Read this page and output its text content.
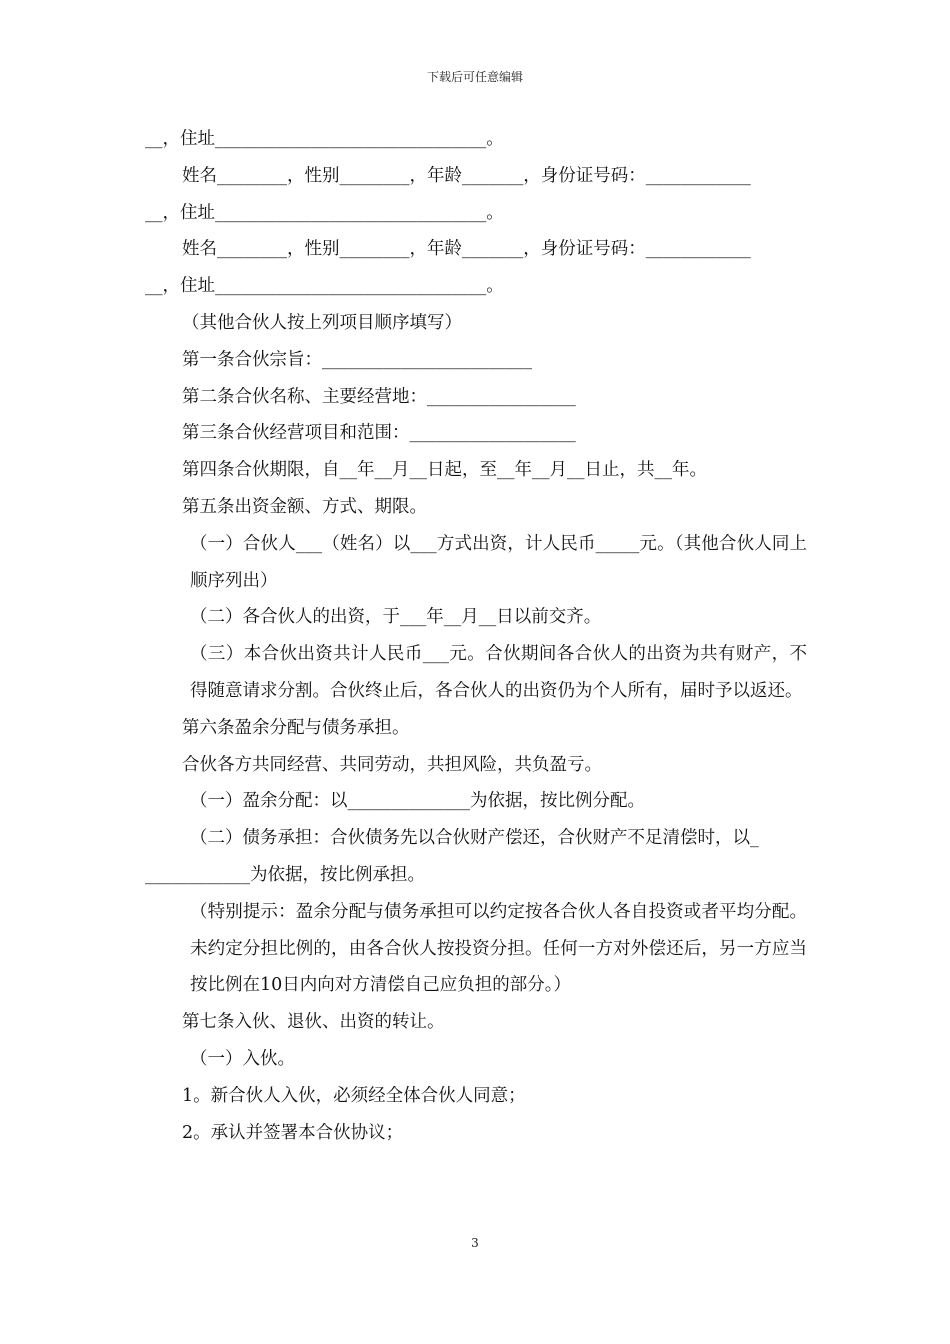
下载后可任意编辑

__，住址_______________________________。

姓名________，性别________，年龄_______，身份证号码：____________

__，住址_______________________________。

姓名________，性别________，年龄_______，身份证号码：____________

__，住址_______________________________。

（其他合伙人按上列项目顺序填写）

第一条合伙宗旨：________________________

第二条合伙名称、主要经营地：_________________

第三条合伙经营项目和范围：___________________

第四条合伙期限，自__年__月__日起，至__年__月__日止，共__年。

第五条出资金额、方式、期限。

（一）合伙人___（姓名）以___方式出资，计人民币_____元。（其他合伙人同上顺序列出）

（二）各合伙人的出资，于___年__月__日以前交齐。

（三）本合伙出资共计人民币___元。合伙期间各合伙人的出资为共有财产，不得随意请求分割。合伙终止后，各合伙人的出资仍为个人所有，届时予以返还。

第六条盈余分配与债务承担。

合伙各方共同经营、共同劳动，共担风险，共负盈亏。

（一）盈余分配：以______________为依据，按比例分配。

（二）债务承担：合伙债务先以合伙财产偿还，合伙财产不足清偿时，以_

____________为依据，按比例承担。

（特别提示：盈余分配与债务承担可以约定按各合伙人各自投资或者平均分配。未约定分担比例的，由各合伙人按投资分担。任何一方对外偿还后，另一方应当按比例在10日内向对方清偿自己应负担的部分。）

第七条入伙、退伙、出资的转让。

（一）入伙。

1。新合伙人入伙，必须经全体合伙人同意；

2。承认并签署本合伙协议；

3
